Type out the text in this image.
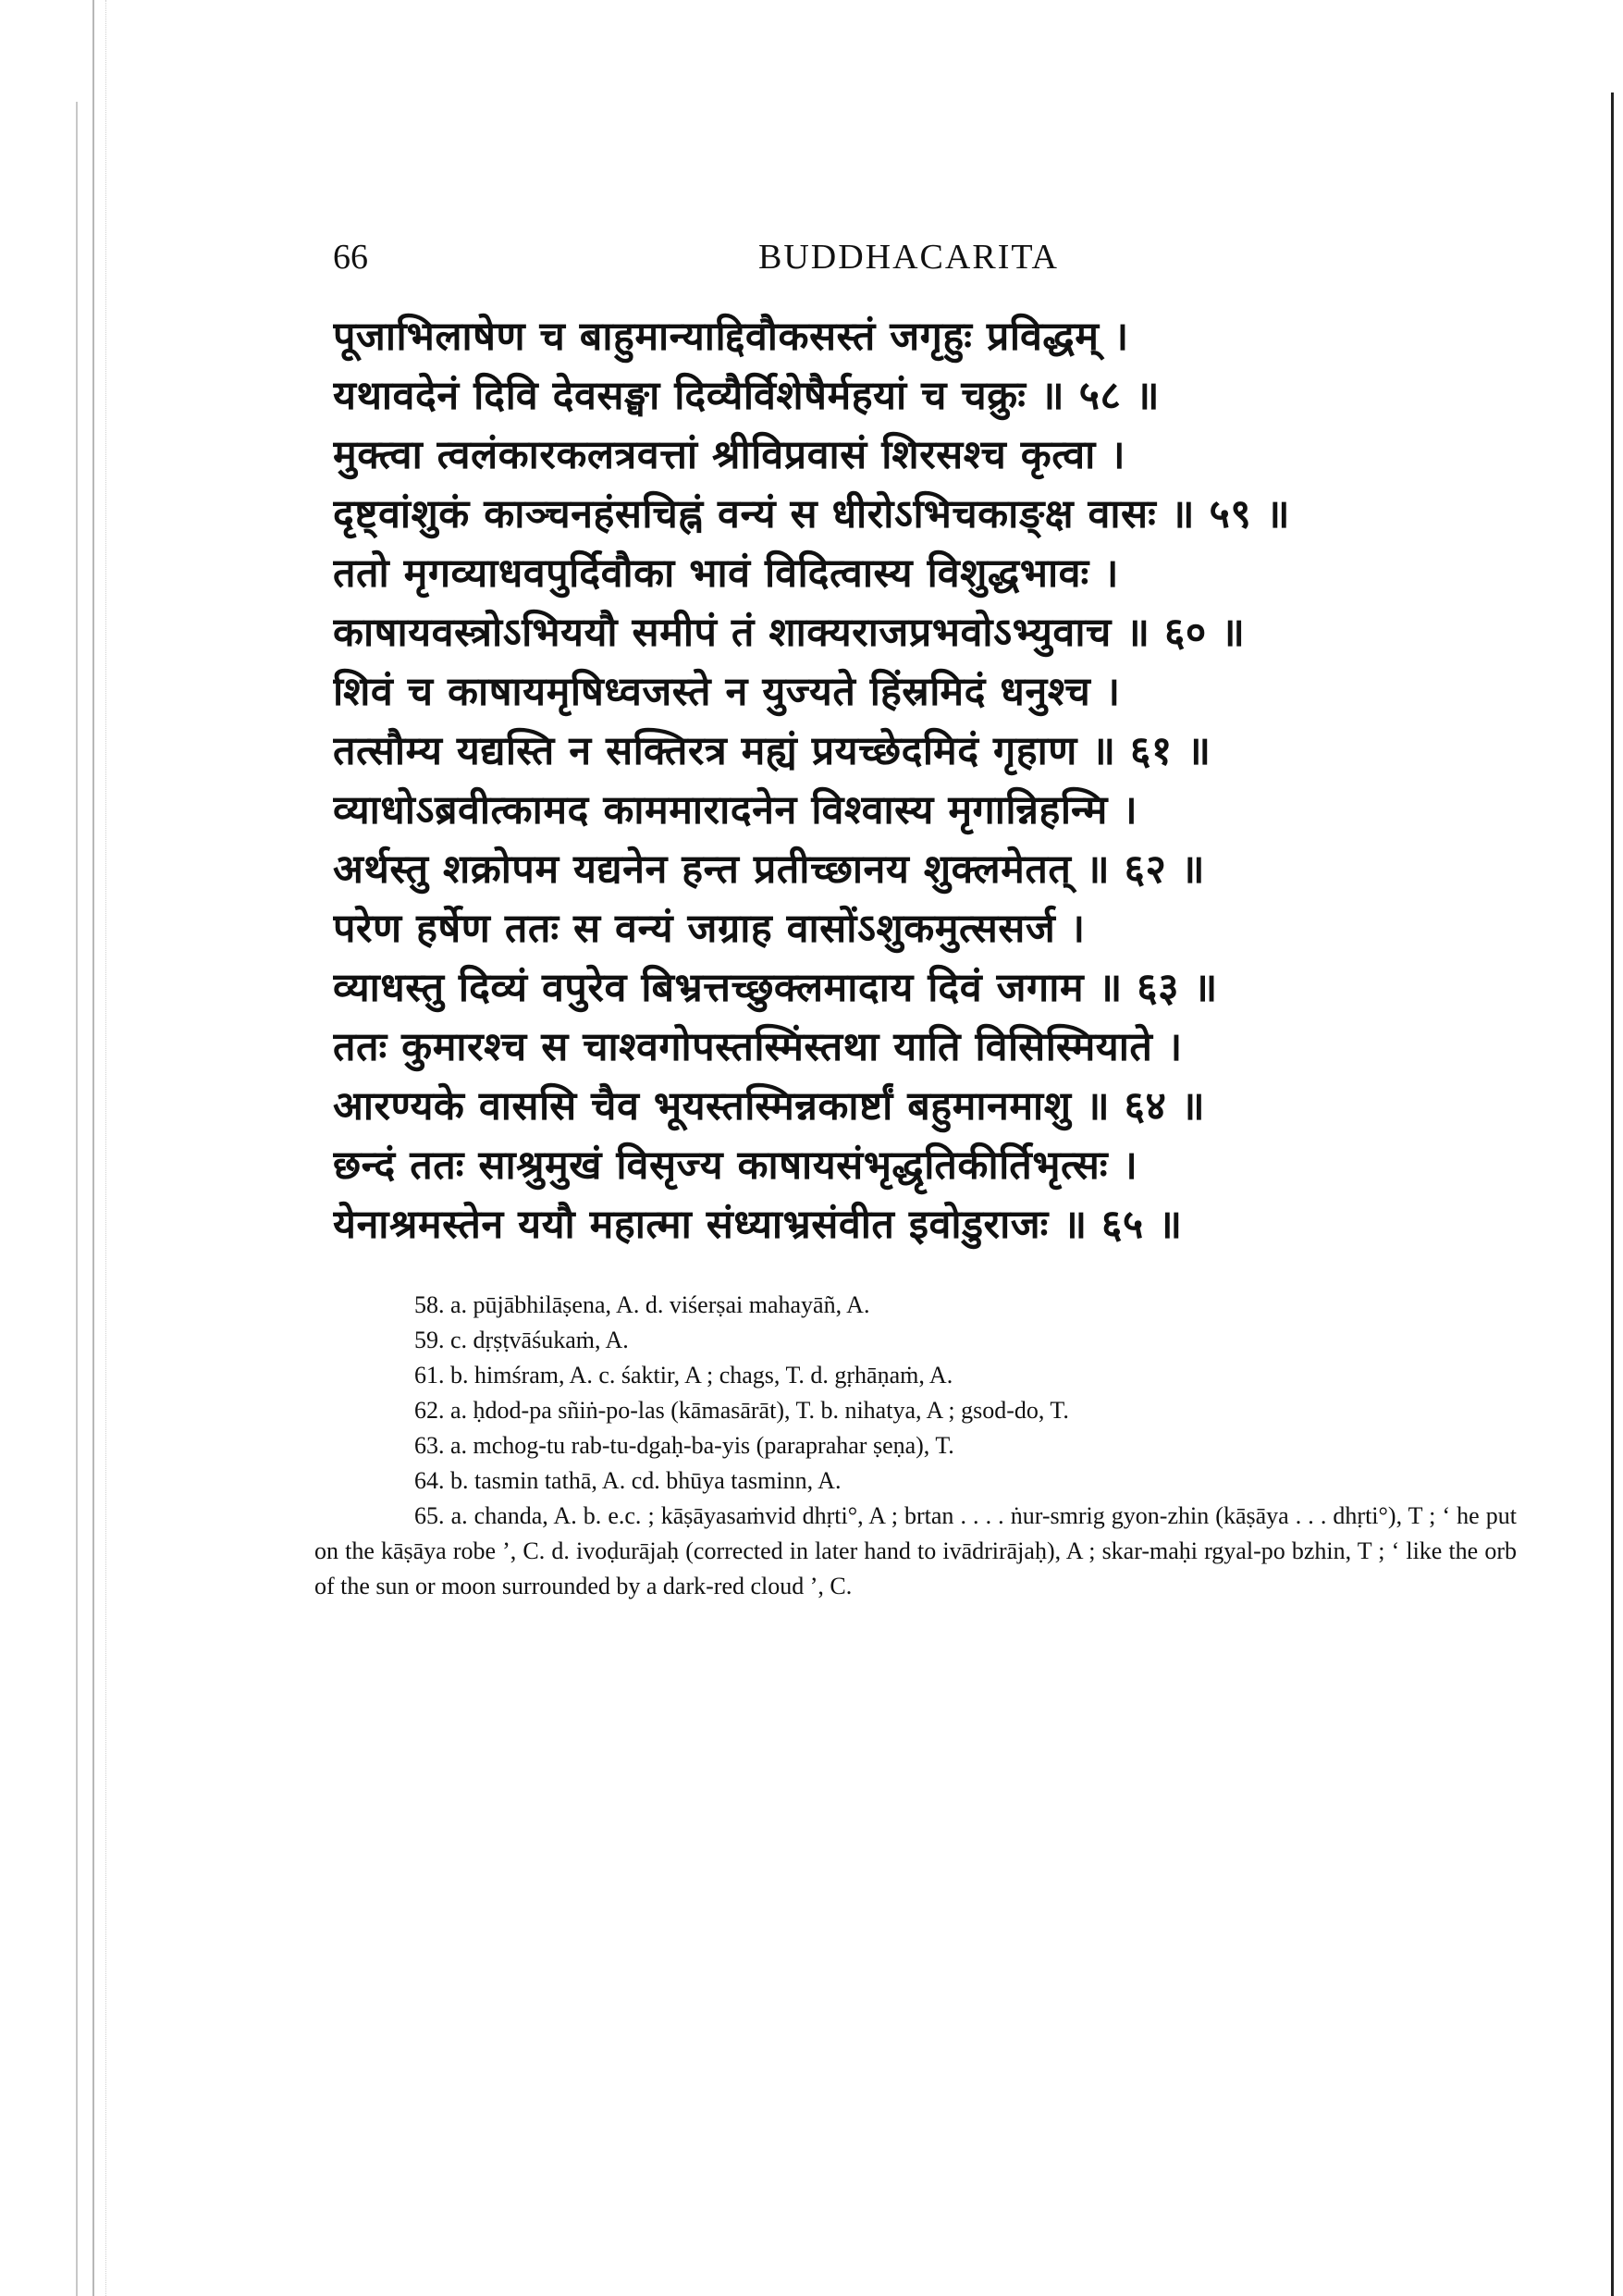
66	BUDDHACARITA
पूजाभिलाषेण च बाहुमान्याद्दिवौकसस्तं जगृहुः प्रविद्धम् ।
यथावदेनं दिवि देवसङ्घा दिव्यैर्विशेषैर्महयां च चक्रुः ॥ ५८ ॥
मुक्त्वा त्वलंकारकलत्रवत्तां श्रीविप्रवासं शिरसश्च कृत्वा ।
दृष्ट्वांशुकं काञ्चनहंसचिह्नं वन्यं स धीरोऽभिचकाङ्क्ष वासः ॥ ५९ ॥
ततो मृगव्याधवपुर्दिवौका भावं विदित्वास्य विशुद्धभावः ।
काषायवस्त्रोऽभिययौ समीपं तं शाक्यराजप्रभवोऽभ्युवाच ॥ ६० ॥
शिवं च काषायमृषिध्वजस्ते न युज्यते हिंस्रमिदं धनुश्च ।
तत्सौम्य यद्यस्ति न सक्तिरत्र मह्यं प्रयच्छेदमिदं गृहाण ॥ ६१ ॥
व्याधोऽब्रवीत्कामद काममारादनेन विश्वास्य मृगान्निहन्मि ।
अर्थस्तु शक्रोपम यद्यनेन हन्त प्रतीच्छानय शुक्लमेतत् ॥ ६२ ॥
परेण हर्षेण ततः स वन्यं जग्राह वासोंऽशुकमुत्ससर्ज ।
व्याधस्तु दिव्यं वपुरेव बिभ्रत्तच्छुक्लमादाय दिवं जगाम ॥ ६३ ॥
ततः कुमारश्च स चाश्वगोपस्तस्मिंस्तथा याति विसिस्मियाते ।
आरण्यके वाससि चैव भूयस्तस्मिन्नकार्ष्टां बहुमानमाशु ॥ ६४ ॥
छन्दं ततः साश्रुमुखं विसृज्य काषायसंभृद्धृतिकीर्तिभृत्सः ।
येनाश्रमस्तेन ययौ महात्मा संध्याभ्रसंवीत इवोडुराजः ॥ ६५ ॥
58. a. pūjābhilāṣena, A. d. viśerṣai mahayāñ, A.
59. c. dṛṣṭvāśukaṁ, A.
61. b. himśram, A. c. śaktir, A ; chags, T. d. gṛhāṇaṁ, A.
62. a. ḥdod-pa sñiṅ-po-las (kāmasārāt), T. b. nihatya, A ; gsod-do, T.
63. a. mchog-tu rab-tu-dgaḥ-ba-yis (paraprahar ṣeṇa), T.
64. b. tasmin tathā, A. cd. bhūya tasminn, A.
65. a. chanda, A. b. e.c. ; kāṣāyasaṁvid dhṛti°, A ; brtan . . . . ṅur-smrig gyon-zhin (kāṣāya . . . dhṛti°), T ; ‘ he put on the kāṣāya robe ’, C. d. ivoḍurājaḥ (corrected in later hand to ivādrirājaḥ), A ; skar-maḥi rgyal-po bzhin, T ; ‘ like the orb of the sun or moon surrounded by a dark-red cloud ’, C.
